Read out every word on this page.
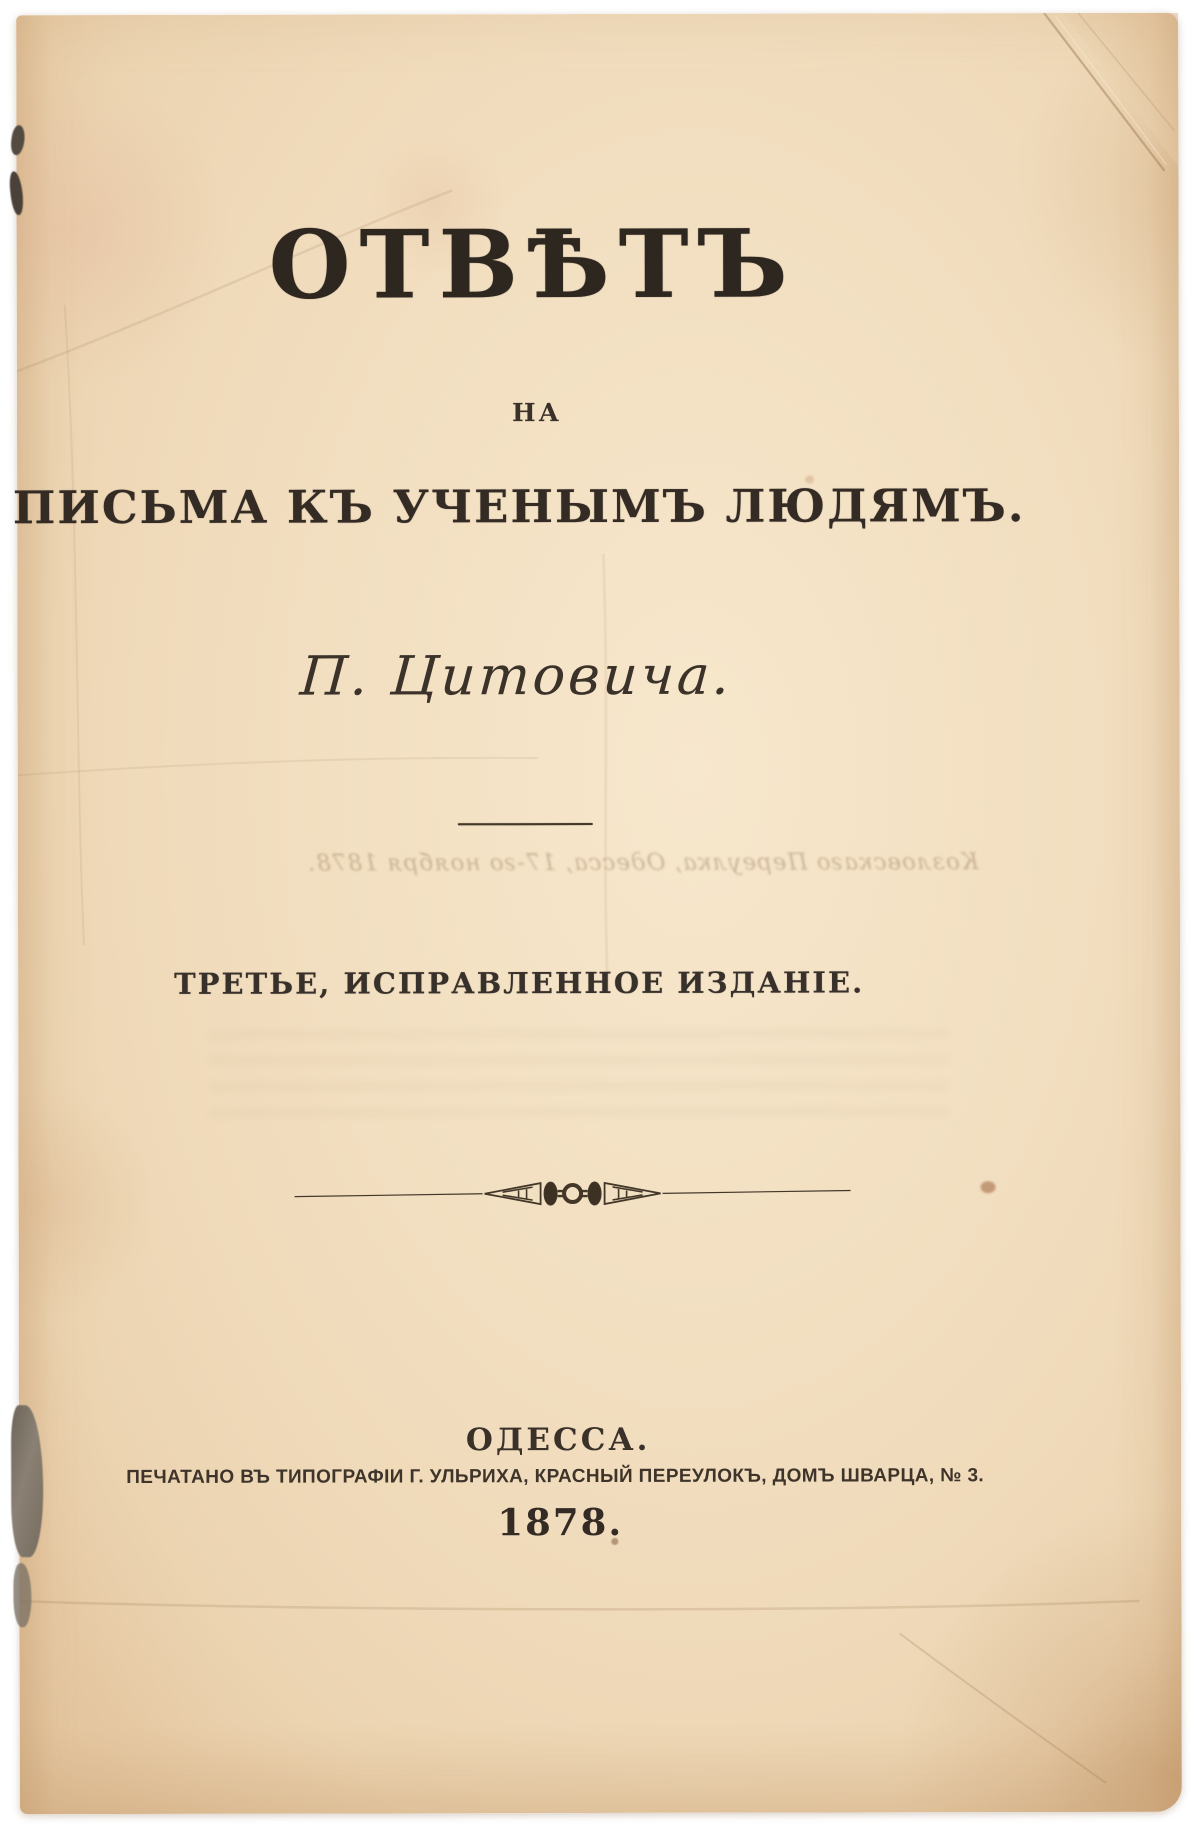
ОТВѢТЪ
НА
ПИСЬМА КЪ УЧЕНЫМЪ ЛЮДЯМЪ.
П. Цитовича.
Козловскаго Переулка, Одесса, 17-го ноября 1878.
ТРЕТЬЕ, ИСПРАВЛЕННОЕ ИЗДАНІЕ.
ОДЕССА.
ПЕЧАТАНО ВЪ ТИПОГРАФІИ Г. УЛЬРИХА, КРАСНЫЙ ПЕРЕУЛОКЪ, ДОМЪ ШВАРЦА, № 3.
1878.
